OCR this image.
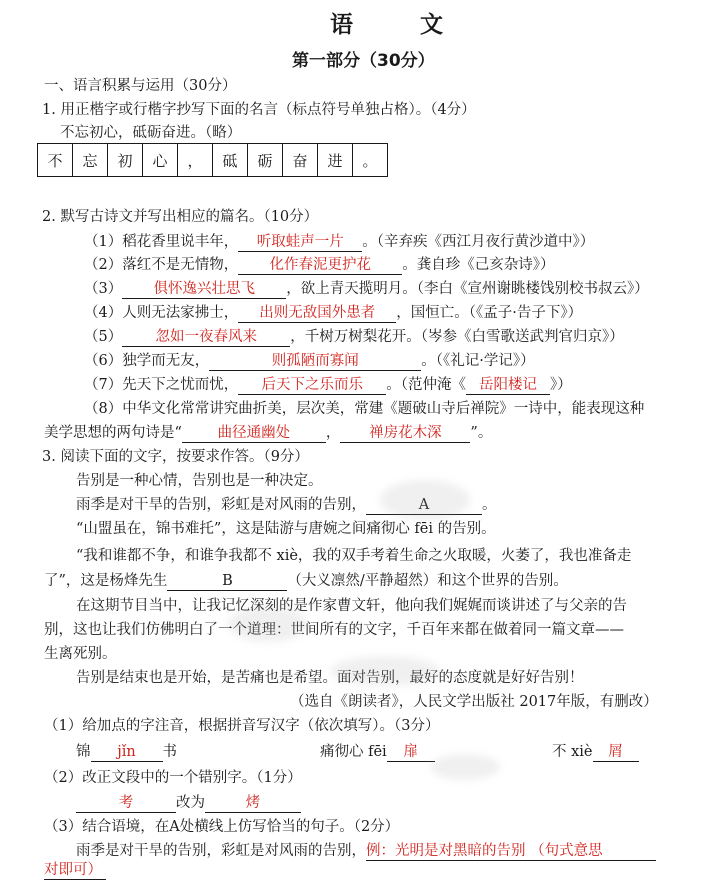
语　文
第一部分（30分）
一、语言积累与运用（30分）
1. 用正楷字或行楷字抄写下面的名言（标点符号单独占格）。（4分）
不忘初心，砥砺奋进。（略）
不	忘	初	心	，	砥	砺	奋	进	。
2. 默写古诗文并写出相应的篇名。（10分）
（1）稻花香里说丰年， 听取蛙声一片 。（辛弃疾《西江月夜行黄沙道中》）
（2）落红不是无情物， 化作春泥更护花 。龚自珍《己亥杂诗》）
（3） 俱怀逸兴壮思飞 ，欲上青天揽明月。（李白《宣州谢眺楼饯别校书叔云》）
（4）人则无法家拂士， 出则无敌国外患者 ，国恒亡。（《孟子·告子下》）
（5） 忽如一夜春风来 ，千树万树梨花开。（岑参《白雪歌送武判官归京》）
（6）独学而无友，	则孤陋而寡闻	。（《礼记·学记》）
（7）先天下之忧而忧， 后天下之乐而乐 。（范仲淹《 岳阳楼记 》）
（8）中华文化常常讲究曲折美，层次美，常建《题破山寺后禅院》一诗中，能表现这种
美学思想的两句诗是“ 曲径通幽处 ， 禅房花木深 ”。
3. 阅读下面的文字，按要求作答。（9分）
告别是一种心情，告别也是一种决定。
雨季是对干旱的告别，彩虹是对风雨的告别，	A	。
“山盟虽在，锦书难托”，这是陆游与唐婉之间痛彻心 fēi 的告别。
“我和谁都不争，和谁争我都不 xiè，我的双手考着生命之火取暖，火萎了，我也准备走
了”，这是杨烽先生	B	（大义凛然/平静超然）和这个世界的告别。
在这期节目当中，让我记忆深刻的是作家曹文轩，他向我们娓娓而谈讲述了与父亲的告
别，这也让我们仿佛明白了一个道理：世间所有的文字，千百年来都在做着同一篇文章——
生离死别。
告别是结束也是开始，是苦痛也是希望。面对告别，最好的态度就是好好告别！
（选自《朗读者》，人民文学出版社 2017年版，有删改）
（1）给加点的字注音，根据拼音写汉字（依次填写）。（3分）
锦 jǐn 书	痛彻心 fēi 扉	不 xiè 屑
（2）改正文段中的一个错别字。（1分）
考	改为	烤
（3）结合语境，在A处横线上仿写恰当的句子。（2分）
雨季是对干旱的告别，彩虹是对风雨的告别，例：光明是对黑暗的告别 （句式意思
对即可）
